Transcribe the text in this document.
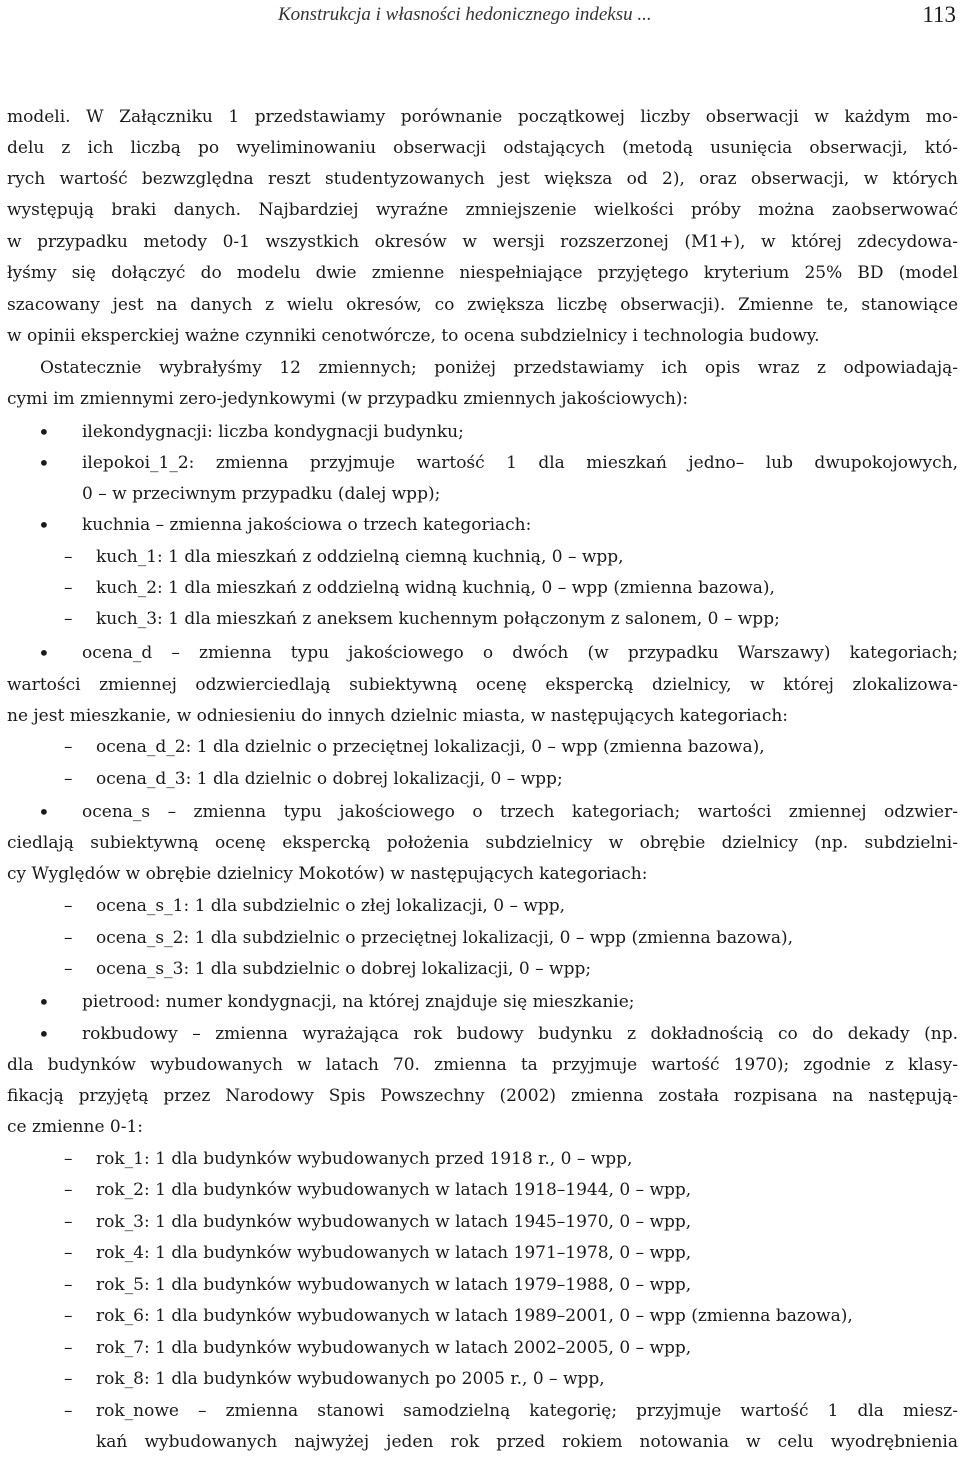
Konstrukcja i własności hedonicznego indeksu ...	113
modeli. W Załączniku 1 przedstawiamy porównanie początkowej liczby obserwacji w każdym mo-
delu z ich liczbą po wyeliminowaniu obserwacji odstających (metodą usunięcia obserwacji, któ-
rych wartość bezwzględna reszt studentyzowanych jest większa od 2), oraz obserwacji, w których
występują braki danych. Najbardziej wyraźne zmniejszenie wielkości próby można zaobserwować
w przypadku metody 0-1 wszystkich okresów w wersji rozszerzonej (M1+), w której zdecydowa-
łyśmy się dołączyć do modelu dwie zmienne niespełniające przyjętego kryterium 25% BD (model
szacowany jest na danych z wielu okresów, co zwiększa liczbę obserwacji). Zmienne te, stanowiące
w opinii eksperckiej ważne czynniki cenotwórcze, to ocena subdzielnicy i technologia budowy.
Ostatecznie wybrałyśmy 12 zmiennych; poniżej przedstawiamy ich opis wraz z odpowiadają-
cymi im zmiennymi zero-jedynkowymi (w przypadku zmiennych jakościowych):
• ilekondygnacji: liczba kondygnacji budynku;
• ilepokoi_1_2: zmienna przyjmuje wartość 1 dla mieszkań jedno– lub dwupokojowych,
0 – w przeciwnym przypadku (dalej wpp);
• kuchnia – zmienna jakościowa o trzech kategoriach:
–	kuch_1: 1 dla mieszkań z oddzielną ciemną kuchnią, 0 – wpp,
–	kuch_2: 1 dla mieszkań z oddzielną widną kuchnią, 0 – wpp (zmienna bazowa),
–	kuch_3: 1 dla mieszkań z aneksem kuchennym połączonym z salonem, 0 – wpp;
• ocena_d – zmienna typu jakościowego o dwóch (w przypadku Warszawy) kategoriach;
wartości zmiennej odzwierciedlają subiektywną ocenę ekspercką dzielnicy, w której zlokalizowa-
ne jest mieszkanie, w odniesieniu do innych dzielnic miasta, w następujących kategoriach:
–	ocena_d_2: 1 dla dzielnic o przeciętnej lokalizacji, 0 – wpp (zmienna bazowa),
–	ocena_d_3: 1 dla dzielnic o dobrej lokalizacji, 0 – wpp;
• ocena_s – zmienna typu jakościowego o trzech kategoriach; wartości zmiennej odzwier-
ciedlają subiektywną ocenę ekspercką położenia subdzielnicy w obrębie dzielnicy (np. subdzielni-
cy Wyględów w obrębie dzielnicy Mokotów) w następujących kategoriach:
–	ocena_s_1: 1 dla subdzielnic o złej lokalizacji, 0 – wpp,
–	ocena_s_2: 1 dla subdzielnic o przeciętnej lokalizacji, 0 – wpp (zmienna bazowa),
–	ocena_s_3: 1 dla subdzielnic o dobrej lokalizacji, 0 – wpp;
• pietrood: numer kondygnacji, na której znajduje się mieszkanie;
• rokbudowy – zmienna wyrażająca rok budowy budynku z dokładnością co do dekady (np.
dla budynków wybudowanych w latach 70. zmienna ta przyjmuje wartość 1970); zgodnie z klasy-
fikacją przyjętą przez Narodowy Spis Powszechny (2002) zmienna została rozpisana na następują-
ce zmienne 0-1:
–	rok_1: 1 dla budynków wybudowanych przed 1918 r., 0 – wpp,
–	rok_2: 1 dla budynków wybudowanych w latach 1918–1944, 0 – wpp,
–	rok_3: 1 dla budynków wybudowanych w latach 1945–1970, 0 – wpp,
–	rok_4: 1 dla budynków wybudowanych w latach 1971–1978, 0 – wpp,
–	rok_5: 1 dla budynków wybudowanych w latach 1979–1988, 0 – wpp,
–	rok_6: 1 dla budynków wybudowanych w latach 1989–2001, 0 – wpp (zmienna bazowa),
–	rok_7: 1 dla budynków wybudowanych w latach 2002–2005, 0 – wpp,
–	rok_8: 1 dla budynków wybudowanych po 2005 r., 0 – wpp,
–	rok_nowe – zmienna stanowi samodzielną kategorię; przyjmuje wartość 1 dla miesz-
kań wybudowanych najwyżej jeden rok przed rokiem notowania w celu wyodrębnienia
